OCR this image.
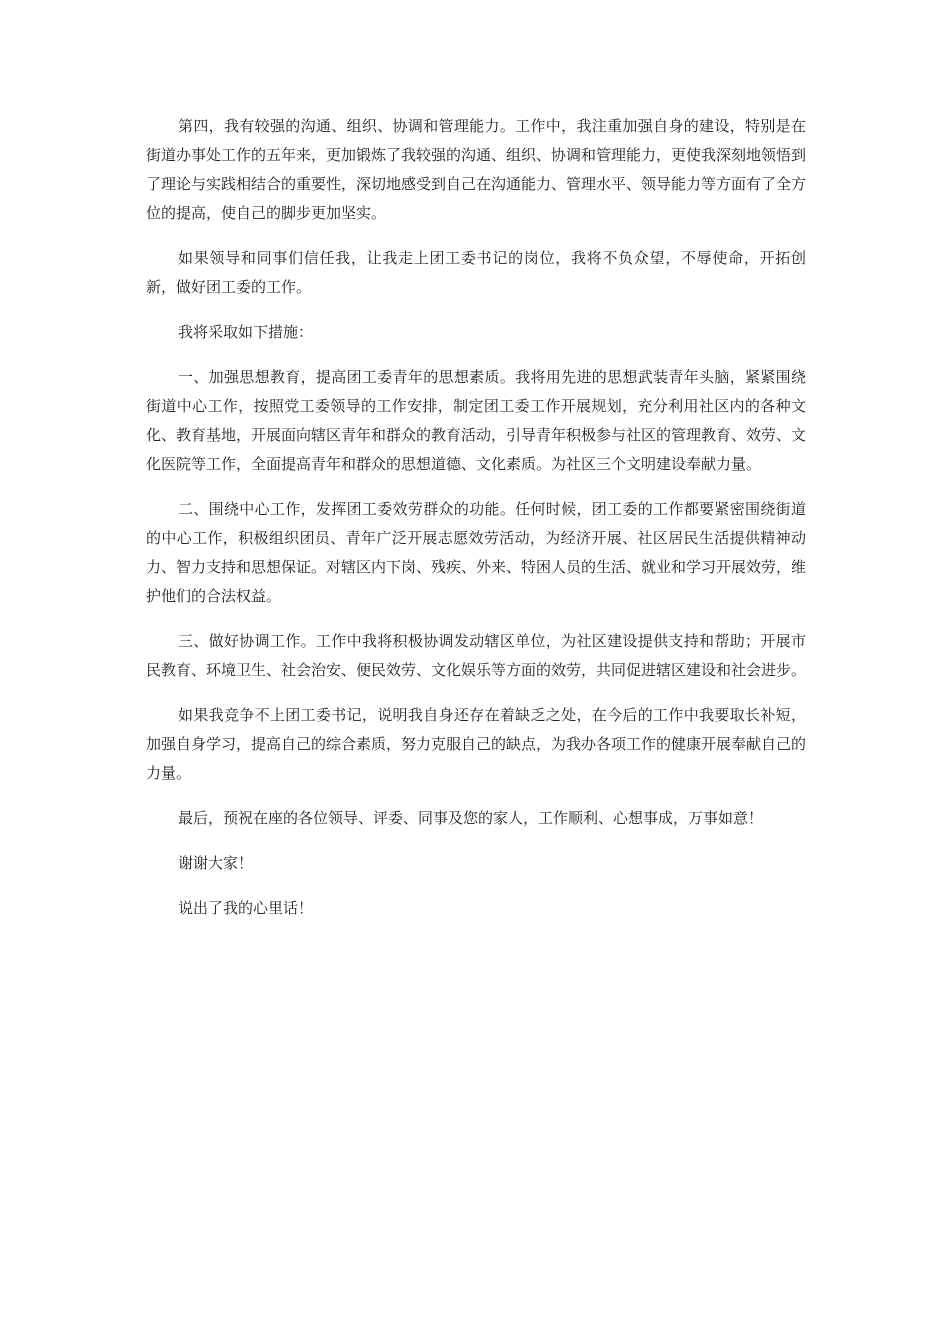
第四，我有较强的沟通、组织、协调和管理能力。工作中，我注重加强自身的建设，特别是在街道办事处工作的五年来，更加锻炼了我较强的沟通、组织、协调和管理能力，更使我深刻地领悟到了理论与实践相结合的重要性，深切地感受到自己在沟通能力、管理水平、领导能力等方面有了全方位的提高，使自己的脚步更加坚实。

如果领导和同事们信任我，让我走上团工委书记的岗位，我将不负众望，不辱使命，开拓创新，做好团工委的工作。

我将采取如下措施：

一、加强思想教育，提高团工委青年的思想素质。我将用先进的思想武装青年头脑，紧紧围绕街道中心工作，按照党工委领导的工作安排，制定团工委工作开展规划，充分利用社区内的各种文化、教育基地，开展面向辖区青年和群众的教育活动，引导青年积极参与社区的管理教育、效劳、文化医院等工作，全面提高青年和群众的思想道德、文化素质。为社区三个文明建设奉献力量。

二、围绕中心工作，发挥团工委效劳群众的功能。任何时候，团工委的工作都要紧密围绕街道的中心工作，积极组织团员、青年广泛开展志愿效劳活动，为经济开展、社区居民生活提供精神动力、智力支持和思想保证。对辖区内下岗、残疾、外来、特困人员的生活、就业和学习开展效劳，维护他们的合法权益。

三、做好协调工作。工作中我将积极协调发动辖区单位，为社区建设提供支持和帮助；开展市民教育、环境卫生、社会治安、便民效劳、文化娱乐等方面的效劳，共同促进辖区建设和社会进步。

如果我竞争不上团工委书记，说明我自身还存在着缺乏之处，在今后的工作中我要取长补短，加强自身学习，提高自己的综合素质，努力克服自己的缺点，为我办各项工作的健康开展奉献自己的力量。

最后，预祝在座的各位领导、评委、同事及您的家人，工作顺利、心想事成，万事如意！

谢谢大家！

说出了我的心里话！
